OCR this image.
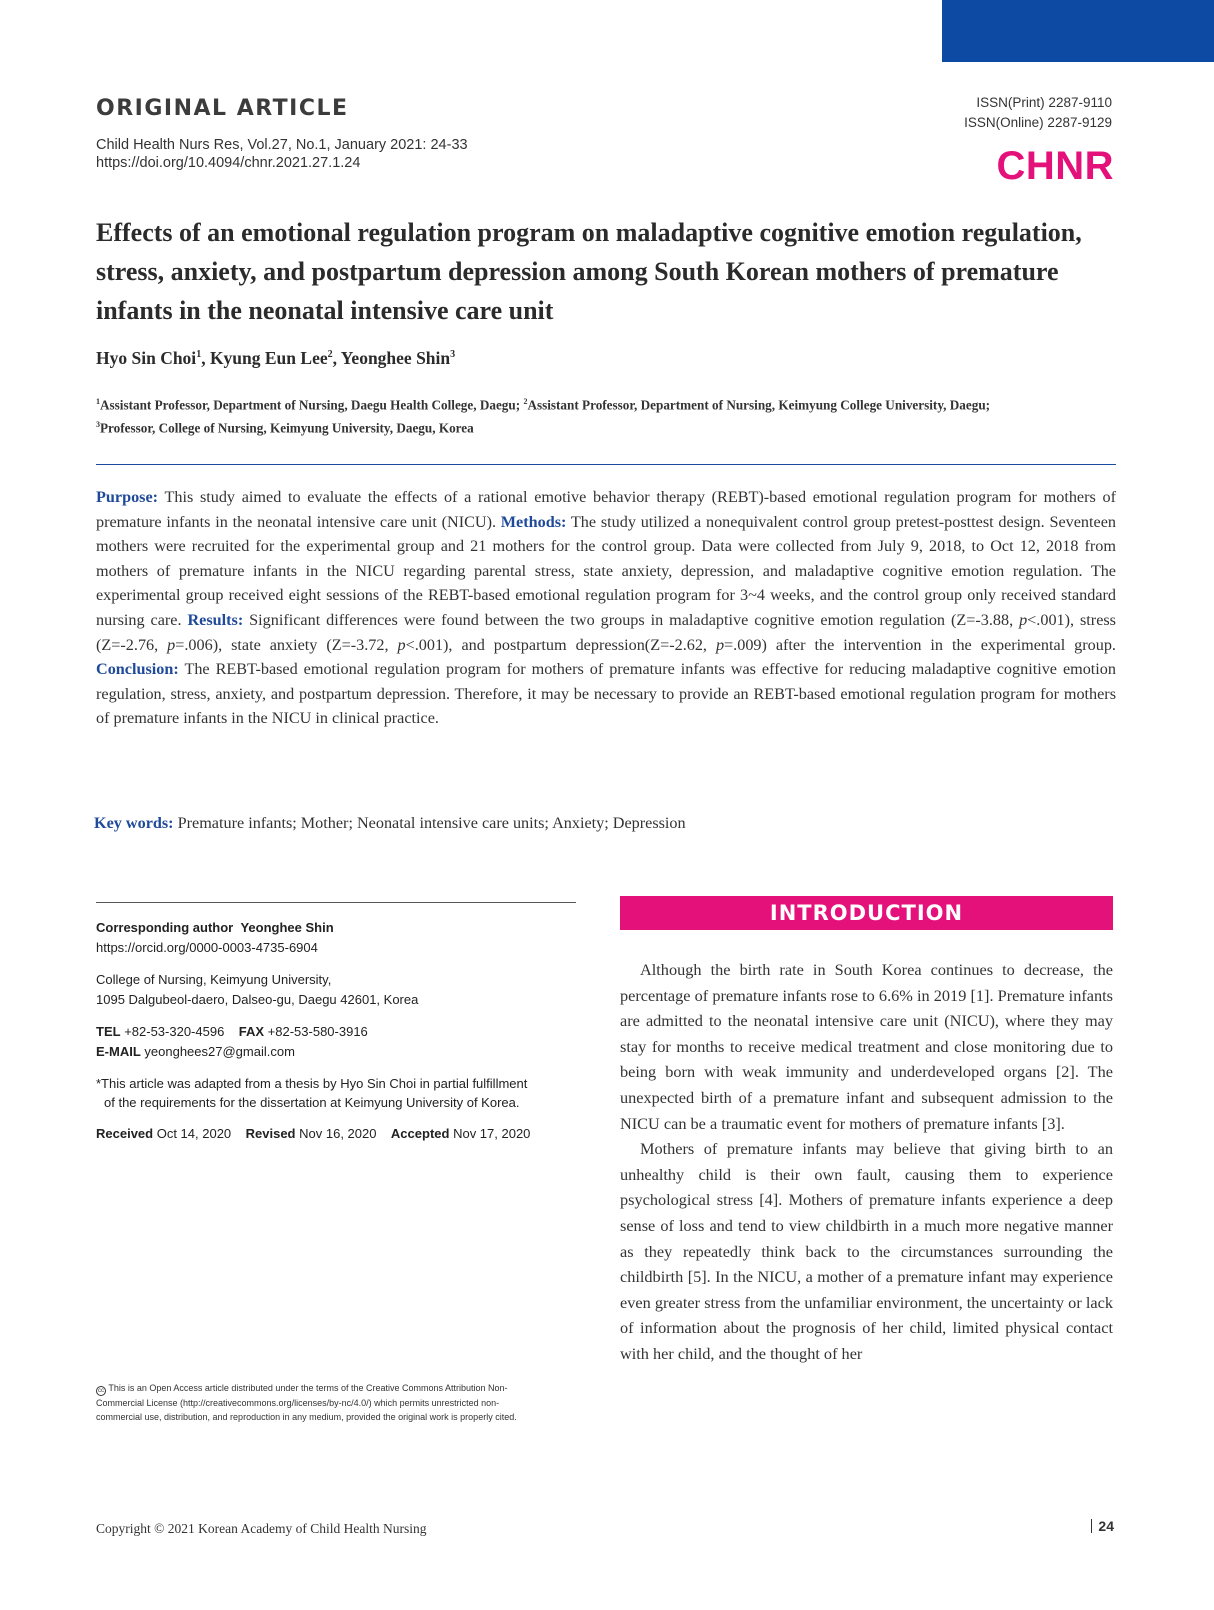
ORIGINAL ARTICLE
Child Health Nurs Res, Vol.27, No.1, January 2021: 24-33
https://doi.org/10.4094/chnr.2021.27.1.24
ISSN(Print) 2287-9110
ISSN(Online) 2287-9129
CHNR
Effects of an emotional regulation program on maladaptive cognitive emotion regulation, stress, anxiety, and postpartum depression among South Korean mothers of premature infants in the neonatal intensive care unit
Hyo Sin Choi$^1$, Kyung Eun Lee$^2$, Yeonghee Shin$^3$
$^1$Assistant Professor, Department of Nursing, Daegu Health College, Daegu; $^2$Assistant Professor, Department of Nursing, Keimyung College University, Daegu;
$^3$Professor, College of Nursing, Keimyung University, Daegu, Korea
Purpose: This study aimed to evaluate the effects of a rational emotive behavior therapy (REBT)-based emotional regulation program for mothers of premature infants in the neonatal intensive care unit (NICU). Methods: The study utilized a nonequivalent control group pretest-posttest design. Seventeen mothers were recruited for the experimental group and 21 mothers for the control group. Data were collected from July 9, 2018, to Oct 12, 2018 from mothers of premature infants in the NICU regarding parental stress, state anxiety, depression, and maladaptive cognitive emotion regulation. The experimental group received eight sessions of the REBT-based emotional regulation program for 3~4 weeks, and the control group only received standard nursing care. Results: Significant differences were found between the two groups in maladaptive cognitive emotion regulation (Z=-3.88, p<.001), stress (Z=-2.76, p=.006), state anxiety (Z=-3.72, p<.001), and postpartum depression(Z=-2.62, p=.009) after the intervention in the experimental group. Conclusion: The REBT-based emotional regulation program for mothers of premature infants was effective for reducing maladaptive cognitive emotion regulation, stress, anxiety, and postpartum depression. Therefore, it may be necessary to provide an REBT-based emotional regulation program for mothers of premature infants in the NICU in clinical practice.
Key words: Premature infants; Mother; Neonatal intensive care units; Anxiety; Depression
Corresponding author Yeonghee Shin
https://orcid.org/0000-0003-4735-6904
College of Nursing, Keimyung University,
1095 Dalgubeol-daero, Dalseo-gu, Daegu 42601, Korea
TEL +82-53-320-4596 FAX +82-53-580-3916
E-MAIL yeonghees27@gmail.com
*This article was adapted from a thesis by Hyo Sin Choi in partial fulfillment
of the requirements for the dissertation at Keimyung University of Korea.
Received Oct 14, 2020 Revised Nov 16, 2020 Accepted Nov 17, 2020
cc This is an Open Access article distributed under the terms of the Creative Commons Attribution Non-
Commercial License (http://creativecommons.org/licenses/by-nc/4.0/) which permits unrestricted non-
commercial use, distribution, and reproduction in any medium, provided the original work is properly cited.
INTRODUCTION

Although the birth rate in South Korea continues to decrease, the percentage of premature infants rose to 6.6% in 2019 [1]. Premature infants are admitted to the neonatal intensive care unit (NICU), where they may stay for months to receive medical treatment and close monitoring due to being born with weak immunity and underdeveloped organs [2]. The unexpected birth of a premature infant and subsequent admission to the NICU can be a traumatic event for mothers of premature infants [3].

Mothers of premature infants may believe that giving birth to an unhealthy child is their own fault, causing them to experience psychological stress [4]. Mothers of premature infants experience a deep sense of loss and tend to view childbirth in a much more negative manner as they repeatedly think back to the circumstances surrounding the childbirth [5]. In the NICU, a mother of a premature infant may experience even greater stress from the unfamiliar environment, the uncertainty or lack of information about the prognosis of her child, limited physical contact with her child, and the thought of her

Copyright © 2021 Korean Academy of Child Health Nursing	24
